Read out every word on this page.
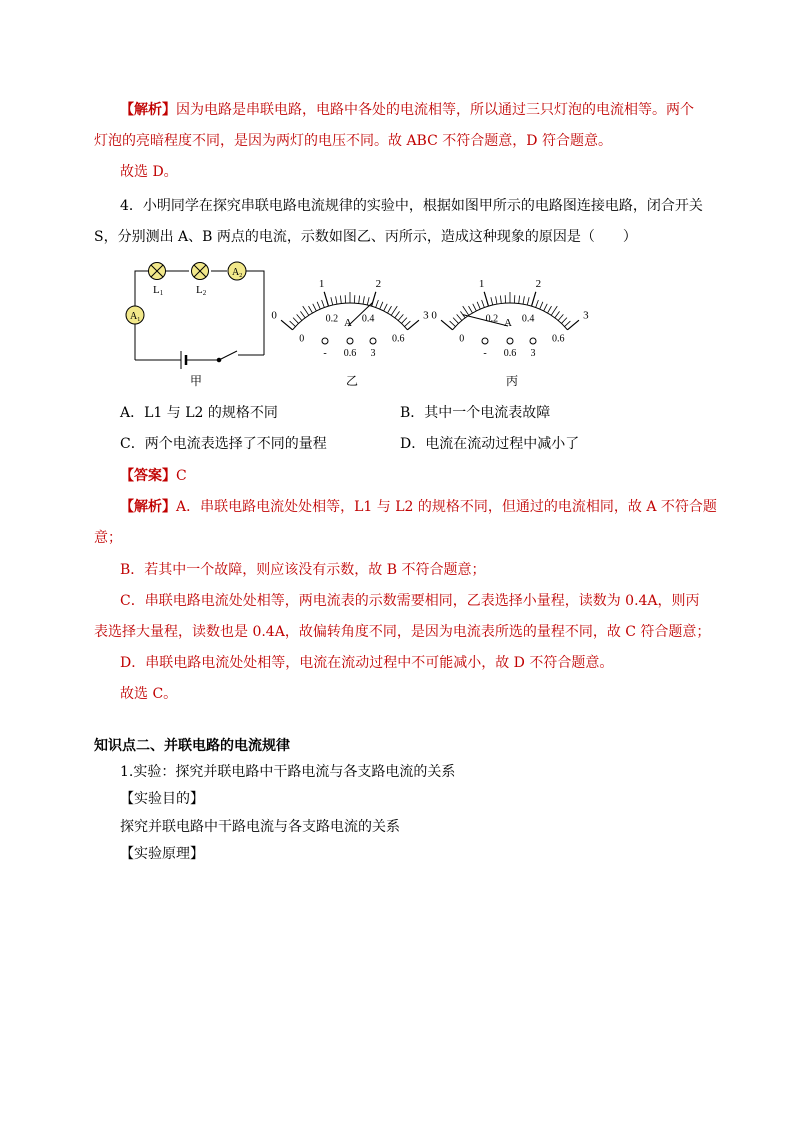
【解析】因为电路是串联电路，电路中各处的电流相等，所以通过三只灯泡的电流相等。两个
灯泡的亮暗程度不同，是因为两灯的电压不同。故 ABC 不符合题意，D 符合题意。
故选 D。
4．小明同学在探究串联电路电流规律的实验中，根据如图甲所示的电路图连接电路，闭合开关
S，分别测出 A、B 两点的电流，示数如图乙、丙所示，造成这种现象的原因是（　　）
L1	L2
$A_2$
$A_1$
甲
0
1	2
3
0
0.2 0.4
0.6
A
- 0.6 3
乙
0
1	2
3
0
0.2 0.4
0.6
A
- 0.6 3
丙
A．L1 与 L2 的规格不同	B．其中一个电流表故障
C．两个电流表选择了不同的量程	D．电流在流动过程中减小了
【答案】C
【解析】A．串联电路电流处处相等，L1 与 L2 的规格不同，但通过的电流相同，故 A 不符合题
意；
B．若其中一个故障，则应该没有示数，故 B 不符合题意；
C．串联电路电流处处相等，两电流表的示数需要相同，乙表选择小量程，读数为 0.4A，则丙
表选择大量程，读数也是 0.4A，故偏转角度不同，是因为电流表所选的量程不同，故 C 符合题意；
D．串联电路电流处处相等，电流在流动过程中不可能减小，故 D 不符合题意。
故选 C。
知识点二、并联电路的电流规律
1.实验：探究并联电路中干路电流与各支路电流的关系
【实验目的】
探究并联电路中干路电流与各支路电流的关系
【实验原理】
